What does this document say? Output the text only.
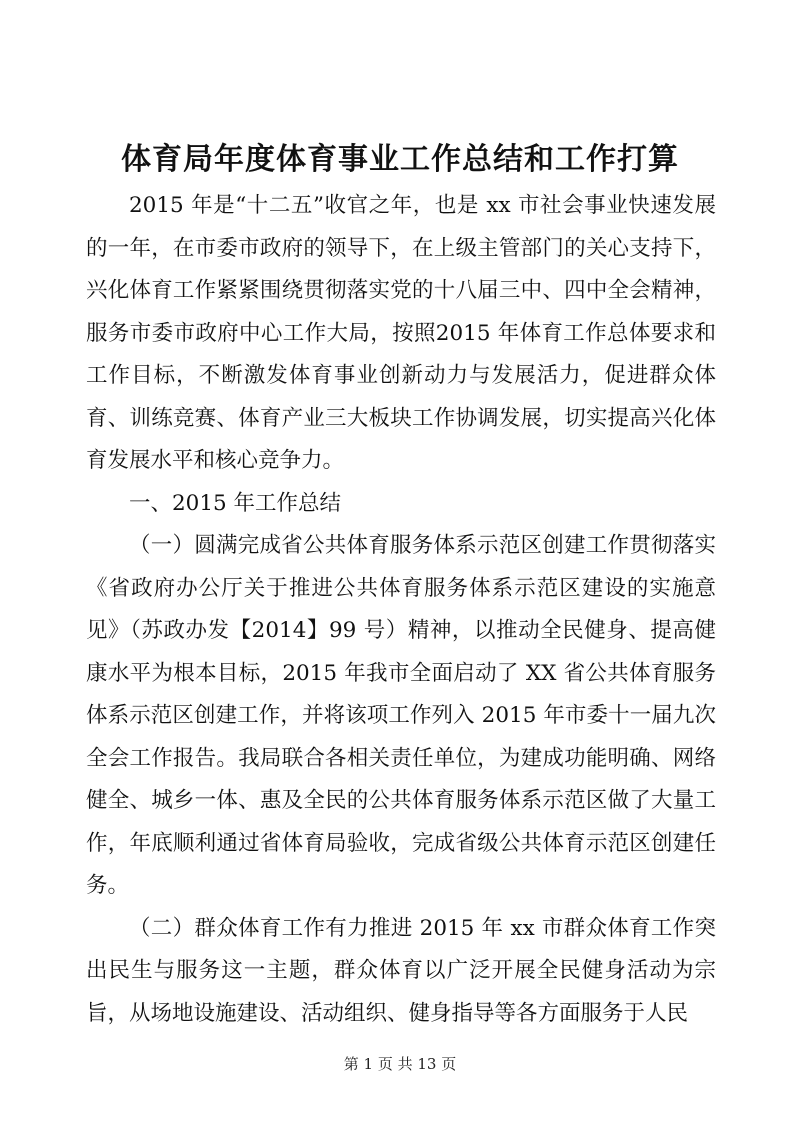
体育局年度体育事业工作总结和工作打算

2015 年是“十二五”收官之年，也是 xx 市社会事业快速发展的一年，在市委市政府的领导下，在上级主管部门的关心支持下，兴化体育工作紧紧围绕贯彻落实党的十八届三中、四中全会精神，服务市委市政府中心工作大局，按照2015 年体育工作总体要求和工作目标，不断激发体育事业创新动力与发展活力，促进群众体育、训练竞赛、体育产业三大板块工作协调发展，切实提高兴化体育发展水平和核心竞争力。

一、2015 年工作总结

（一）圆满完成省公共体育服务体系示范区创建工作贯彻落实《省政府办公厅关于推进公共体育服务体系示范区建设的实施意见》（苏政办发【2014】99 号）精神，以推动全民健身、提高健康水平为根本目标，2015 年我市全面启动了 XX 省公共体育服务体系示范区创建工作，并将该项工作列入 2015 年市委十一届九次全会工作报告。我局联合各相关责任单位，为建成功能明确、网络健全、城乡一体、惠及全民的公共体育服务体系示范区做了大量工作，年底顺利通过省体育局验收，完成省级公共体育示范区创建任务。

（二）群众体育工作有力推进 2015 年 xx 市群众体育工作突出民生与服务这一主题，群众体育以广泛开展全民健身活动为宗旨，从场地设施建设、活动组织、健身指导等各方面服务于人民

第 1 页 共 13 页
